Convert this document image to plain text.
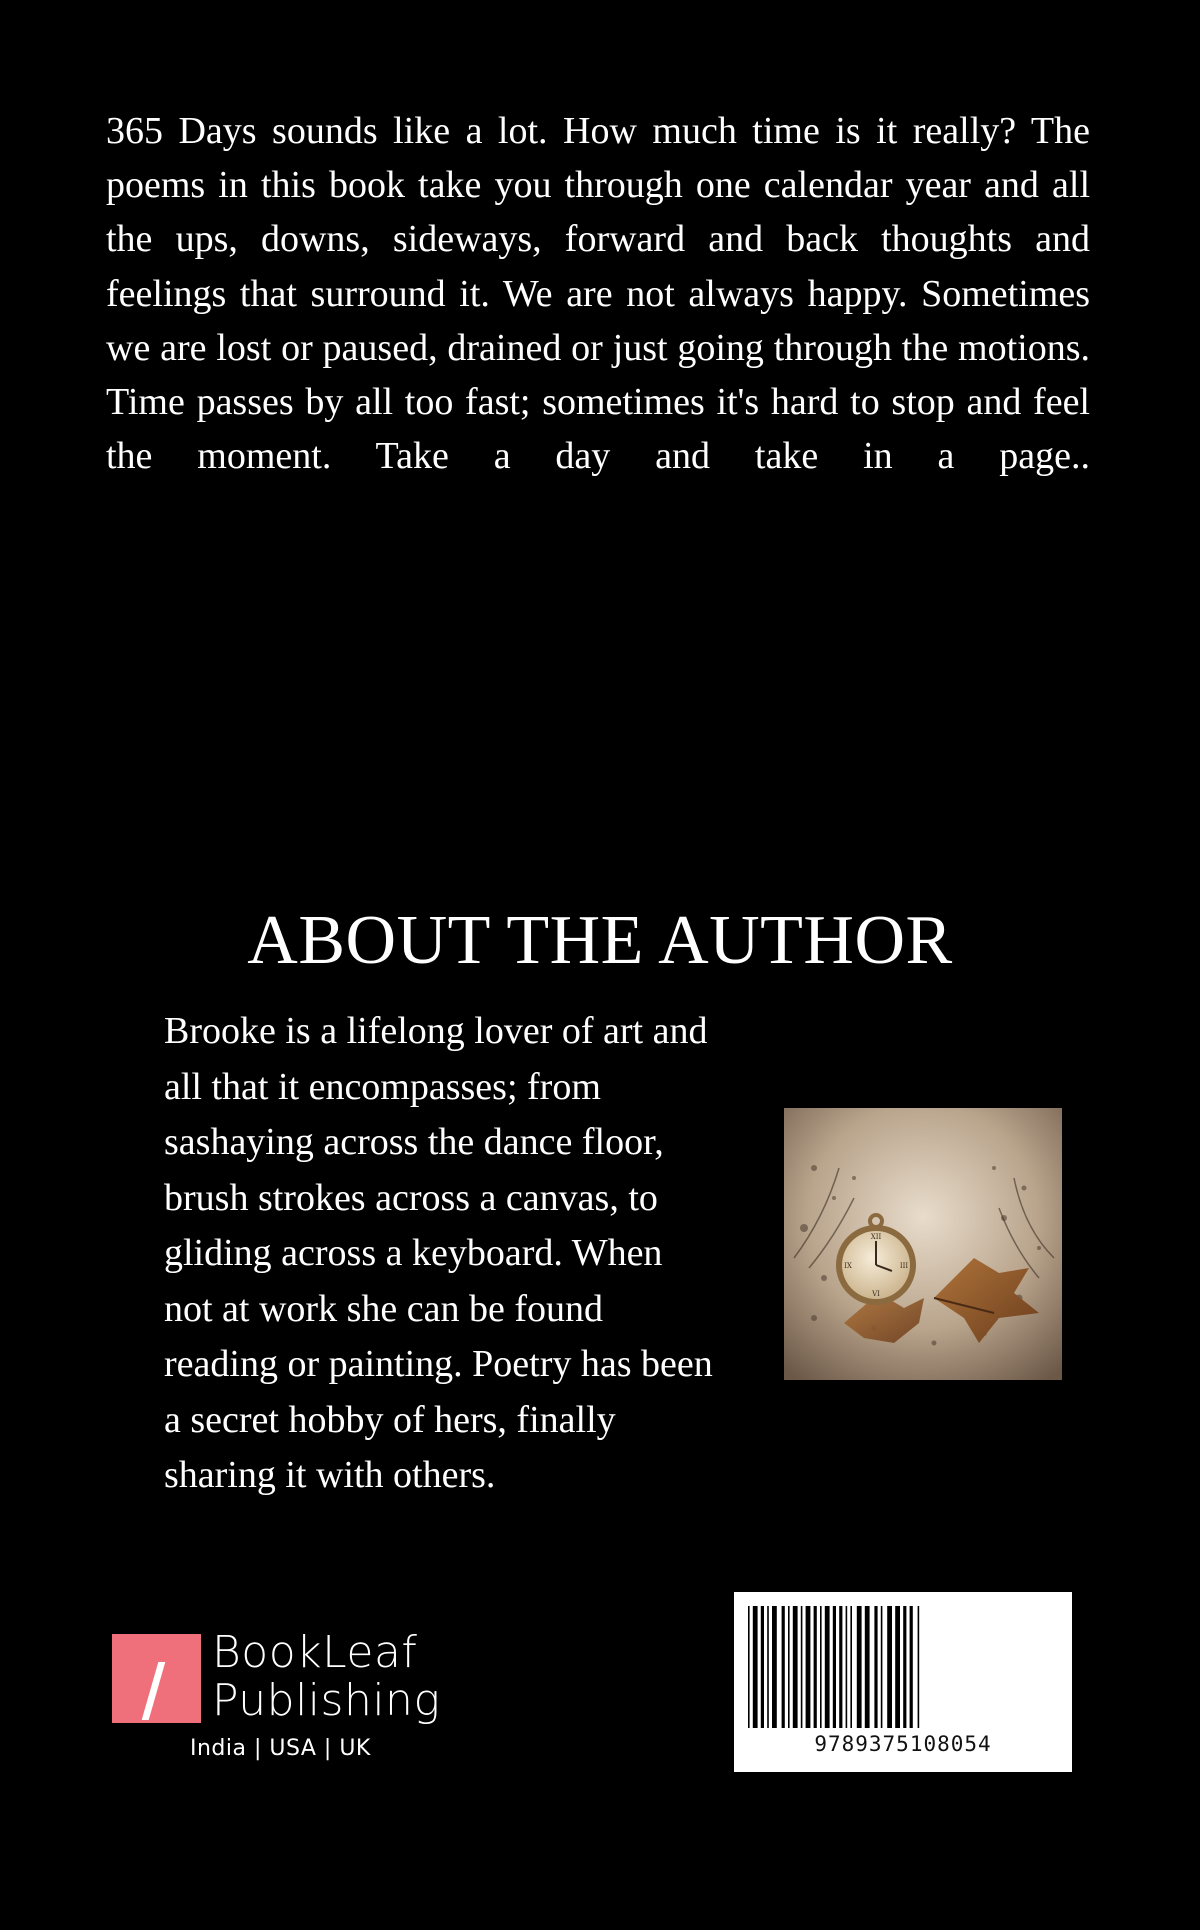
365 Days sounds like a lot. How much time is it really? The poems in this book take you through one calendar year and all the ups, downs, sideways, forward and back thoughts and feelings that surround it. We are not always happy. Sometimes we are lost or paused, drained or just going through the motions. Time passes by all too fast; sometimes it's hard to stop and feel the moment. Take a day and take in a page..

ABOUT THE AUTHOR
Brooke is a lifelong lover of art and
all that it encompasses; from
sashaying across the dance floor,
brush strokes across a canvas, to
gliding across a keyboard. When
not at work she can be found
reading or painting. Poetry has been
a secret hobby of hers, finally
sharing it with others.
XII
III
VI
IX
BookLeaf
Publishing
India | USA | UK	9789375108054
